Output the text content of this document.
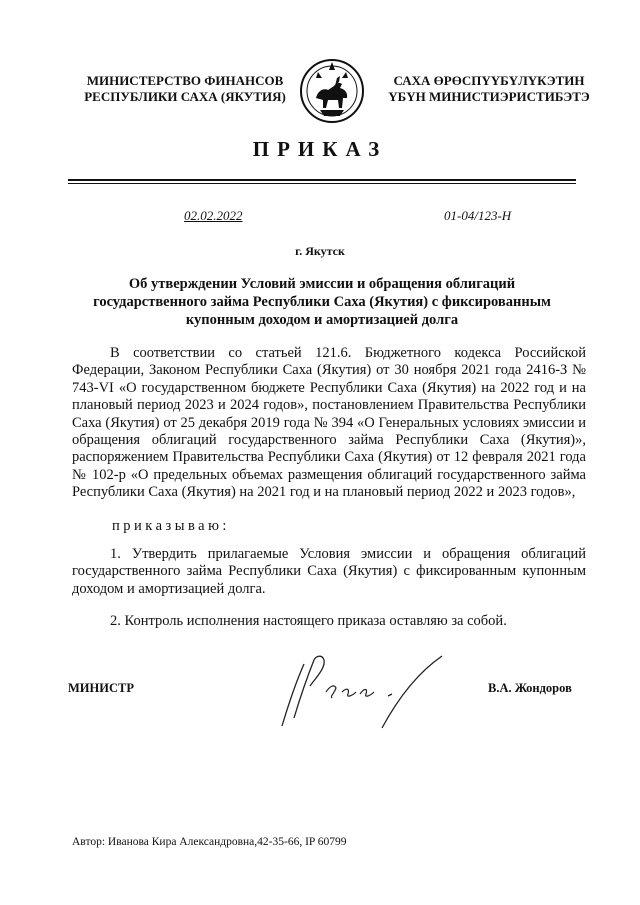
МИНИСТЕРСТВО ФИНАНСОВ
РЕСПУБЛИКИ САХА (ЯКУТИЯ)
САХА ӨРӨСПҮҮБҮЛҮКЭТИН
ҮБҮН МИНИСТИЭРИСТИБЭТЭ
ПРИКАЗ
02.02.2022	01-04/123-Н
г. Якутск
Об утверждении Условий эмиссии и обращения облигаций государственного займа Республики Саха (Якутия) с фиксированным купонным доходом и амортизацией долга
В соответствии со статьей 121.6. Бюджетного кодекса Российской Федерации, Законом Республики Саха (Якутия) от 30 ноября 2021 года 2416-З № 743-VI «О государственном бюджете Республики Саха (Якутия) на 2022 год и на плановый период 2023 и 2024 годов», постановлением Правительства Республики Саха (Якутия) от 25 декабря 2019 года № 394 «О Генеральных условиях эмиссии и обращения облигаций государственного займа Республики Саха (Якутия)», распоряжением Правительства Республики Саха (Якутия) от 12 февраля 2021 года № 102-р «О предельных объемах размещения облигаций государственного займа Республики Саха (Якутия) на 2021 год и на плановый период 2022 и 2023 годов»,
приказываю:
1. Утвердить прилагаемые Условия эмиссии и обращения облигаций государственного займа Республики Саха (Якутия) с фиксированным купонным доходом и амортизацией долга.
2. Контроль исполнения настоящего приказа оставляю за собой.
МИНИСТР	В.А. Жондоров
Автор: Иванова Кира Александровна,42-35-66, IP 60799
